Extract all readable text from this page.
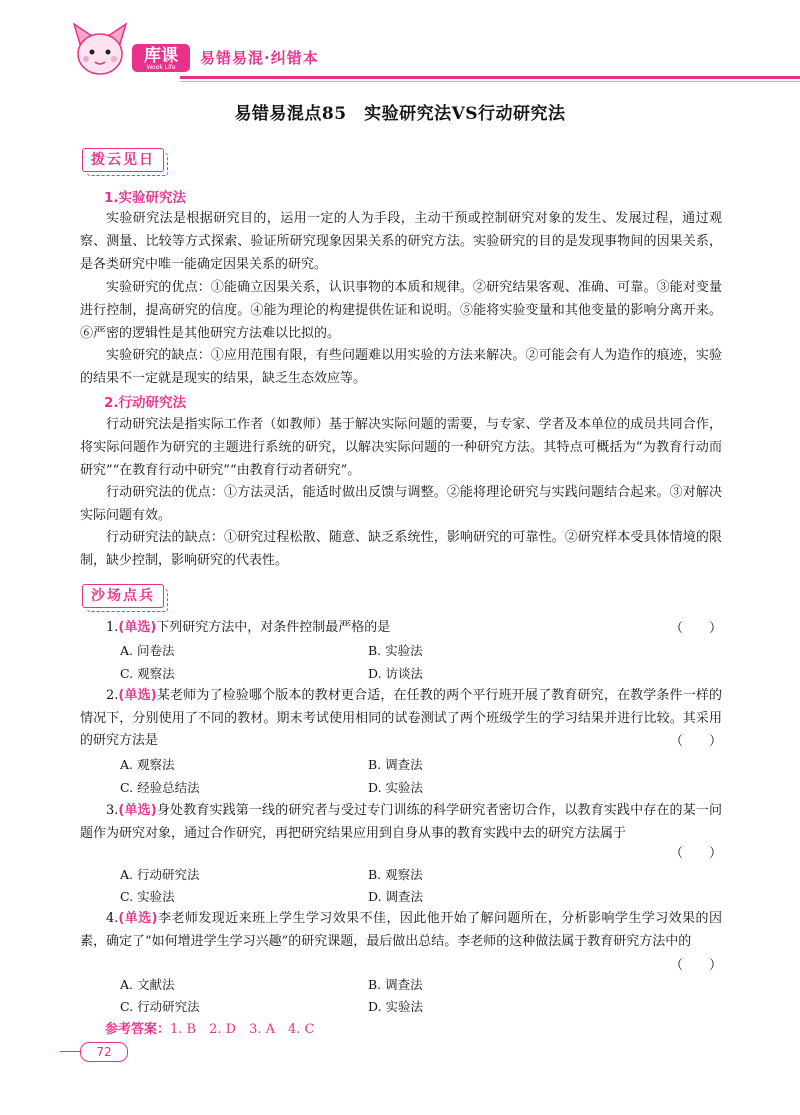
库课
Wook Life
易错易混·纠错本
易错易混点85　实验研究法VS行动研究法
拨云见日
1.实验研究法

实验研究法是根据研究目的，运用一定的人为手段，主动干预或控制研究对象的发生、发展过程，通过观察、测量、比较等方式探索、验证所研究现象因果关系的研究方法。实验研究的目的是发现事物间的因果关系，是各类研究中唯一能确定因果关系的研究。

实验研究的优点：①能确立因果关系，认识事物的本质和规律。②研究结果客观、准确、可靠。③能对变量进行控制，提高研究的信度。④能为理论的构建提供佐证和说明。⑤能将实验变量和其他变量的影响分离开来。⑥严密的逻辑性是其他研究方法难以比拟的。

实验研究的缺点：①应用范围有限，有些问题难以用实验的方法来解决。②可能会有人为造作的痕迹，实验的结果不一定就是现实的结果，缺乏生态效应等。

2.行动研究法

行动研究法是指实际工作者（如教师）基于解决实际问题的需要，与专家、学者及本单位的成员共同合作，将实际问题作为研究的主题进行系统的研究，以解决实际问题的一种研究方法。其特点可概括为“为教育行动而研究”“在教育行动中研究”“由教育行动者研究”。

行动研究法的优点：①方法灵活，能适时做出反馈与调整。②能将理论研究与实践问题结合起来。③对解决实际问题有效。

行动研究法的缺点：①研究过程松散、随意、缺乏系统性，影响研究的可靠性。②研究样本受具体情境的限制，缺少控制，影响研究的代表性。

沙场点兵

1.(单选)下列研究方法中，对条件控制最严格的是	（　　）
A. 问卷法	B. 实验法
C. 观察法	D. 访谈法

2.(单选)某老师为了检验哪个版本的教材更合适，在任教的两个平行班开展了教育研究，在教学条件一样的情况下，分别使用了不同的教材。期末考试使用相同的试卷测试了两个班级学生的学习结果并进行比较。其采用的研究方法是	（　　）
A. 观察法	B. 调查法
C. 经验总结法	D. 实验法

3.(单选)身处教育实践第一线的研究者与受过专门训练的科学研究者密切合作，以教育实践中存在的某一问题作为研究对象，通过合作研究，再把研究结果应用到自身从事的教育实践中去的研究方法属于

（　　）
A. 行动研究法	B. 观察法
C. 实验法	D. 调查法

4.(单选)李老师发现近来班上学生学习效果不佳，因此他开始了解问题所在，分析影响学生学习效果的因素，确定了“如何增进学生学习兴趣”的研究课题，最后做出总结。李老师的这种做法属于教育研究方法中的

（　　）
A. 文献法	B. 调查法
C. 行动研究法	D. 实验法
参考答案：1. B　2. D　3. A　4. C
72
